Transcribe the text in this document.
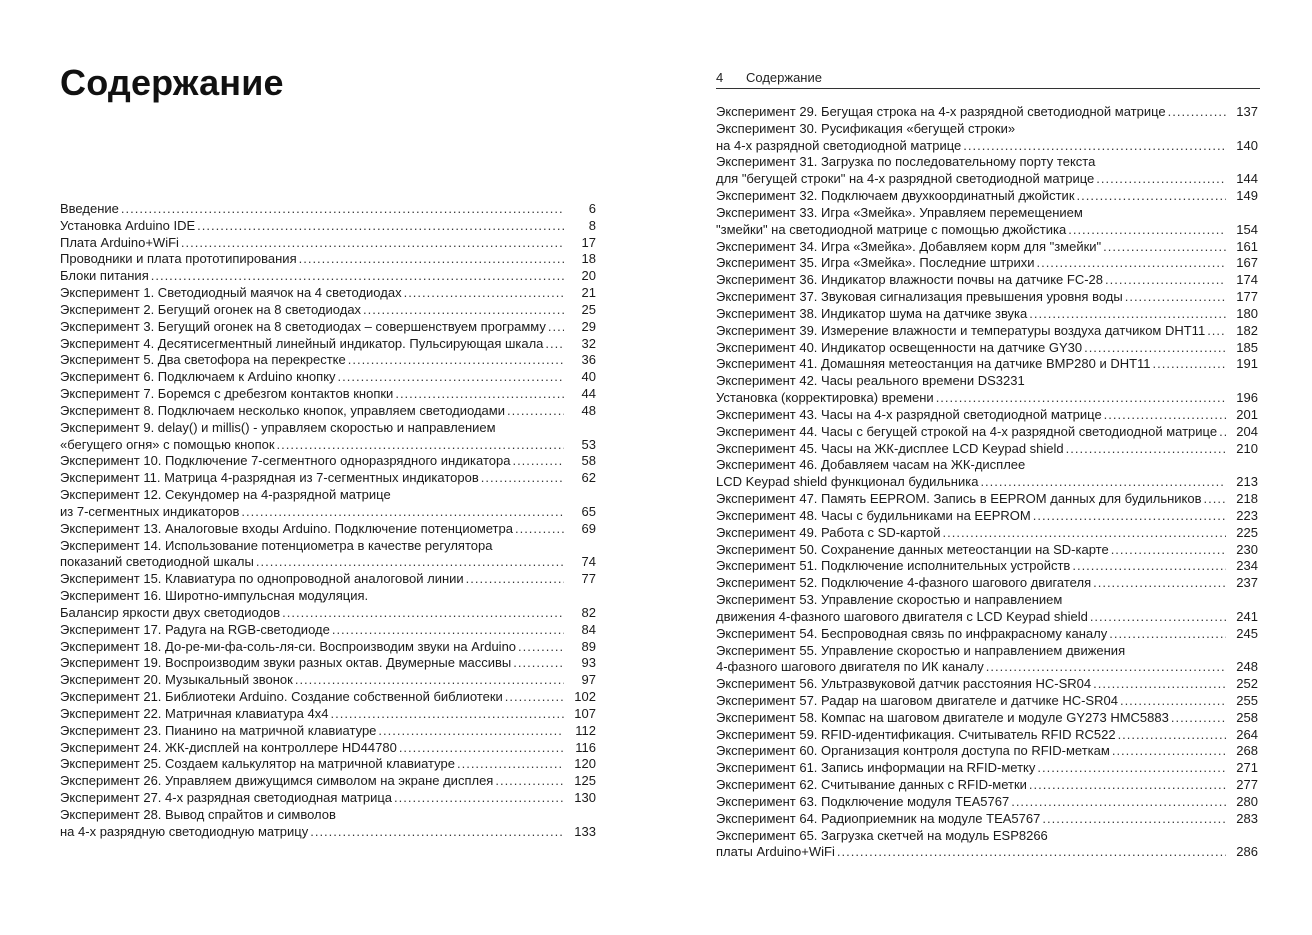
Содержание
Введение .....	6
Установка Arduino IDE .....	8
Плата Arduino+WiFi .....	17
Проводники и плата прототипирования .....	18
Блоки питания .....	20
Эксперимент 1. Светодиодный маячок на 4 светодиодах .....	21
Эксперимент 2. Бегущий огонек на 8 светодиодах .....	25
Эксперимент 3. Бегущий огонек на 8 светодиодах – совершенствуем программу .....	29
Эксперимент 4. Десятисегментный линейный индикатор. Пульсирующая шкала .....	32
Эксперимент 5. Два светофора на перекрестке .....	36
Эксперимент 6. Подключаем к Arduino кнопку .....	40
Эксперимент 7. Боремся с дребезгом контактов кнопки .....	44
Эксперимент 8. Подключаем несколько кнопок, управляем светодиодами .....	48
Эксперимент 9. delay() и millis() - управляем скоростью и направлением
«бегущего огня» с помощью кнопок .....	53
Эксперимент 10. Подключение 7-сегментного одноразрядного индикатора .....	58
Эксперимент 11. Матрица 4-разрядная из 7-сегментных индикаторов .....	62
Эксперимент 12. Секундомер на 4-разрядной матрице
из 7-сегментных индикаторов .....	65
Эксперимент 13. Аналоговые входы Arduino. Подключение потенциометра .....	69
Эксперимент 14. Использование потенциометра в качестве регулятора
показаний светодиодной шкалы .....	74
Эксперимент 15. Клавиатура по однопроводной аналоговой линии .....	77
Эксперимент 16. Широтно-импульсная модуляция.
Балансир яркости двух светодиодов .....	82
Эксперимент 17. Радуга на RGB-светодиоде .....	84
Эксперимент 18. До-ре-ми-фа-соль-ля-си. Воспроизводим звуки на Arduino .....	89
Эксперимент 19. Воспроизводим звуки разных октав. Двумерные массивы .....	93
Эксперимент 20. Музыкальный звонок .....	97
Эксперимент 21. Библиотеки Arduino. Создание собственной библиотеки .....	102
Эксперимент 22. Матричная клавиатура 4x4 .....	107
Эксперимент 23. Пианино на матричной клавиатуре .....	112
Эксперимент 24. ЖК-дисплей на контроллере HD44780 .....	116
Эксперимент 25. Создаем калькулятор на матричной клавиатуре .....	120
Эксперимент 26. Управляем движущимся символом на экране дисплея .....	125
Эксперимент 27. 4-х разрядная светодиодная матрица .....	130
Эксперимент 28. Вывод спрайтов и символов
на 4-х разрядную светодиодную матрицу .....	133
4 Содержание
Эксперимент 29. Бегущая строка на 4-х разрядной светодиодной матрице .....	137
Эксперимент 30. Русификация «бегущей строки»
на 4-х разрядной светодиодной матрице .....	140
Эксперимент 31. Загрузка по последовательному порту текста
для "бегущей строки" на 4-х разрядной светодиодной матрице .....	144
Эксперимент 32. Подключаем двухкоординатный джойстик .....	149
Эксперимент 33. Игра «Змейка». Управляем перемещением
"змейки" на светодиодной матрице с помощью джойстика .....	154
Эксперимент 34. Игра «Змейка». Добавляем корм для "змейки" .....	161
Эксперимент 35. Игра «Змейка». Последние штрихи .....	167
Эксперимент 36. Индикатор влажности почвы на датчике FC-28 .....	174
Эксперимент 37. Звуковая сигнализация превышения уровня воды .....	177
Эксперимент 38. Индикатор шума на датчике звука .....	180
Эксперимент 39. Измерение влажности и температуры воздуха датчиком DHT11 .....	182
Эксперимент 40. Индикатор освещенности на датчике GY30 .....	185
Эксперимент 41. Домашняя метеостанция на датчике BMP280 и DHT11 .....	191
Эксперимент 42. Часы реального времени DS3231
Установка (корректировка) времени .....	196
Эксперимент 43. Часы на 4-х разрядной светодиодной матрице .....	201
Эксперимент 44. Часы с бегущей строкой на 4-х разрядной светодиодной матрице .....	204
Эксперимент 45. Часы на ЖК-дисплее LCD Keypad shield .....	210
Эксперимент 46. Добавляем часам на ЖК-дисплее
LCD Keypad shield функционал будильника .....	213
Эксперимент 47. Память EEPROM. Запись в EEPROM данных для будильников .....	218
Эксперимент 48. Часы с будильниками на EEPROM .....	223
Эксперимент 49. Работа с SD-картой .....	225
Эксперимент 50. Сохранение данных метеостанции на SD-карте .....	230
Эксперимент 51. Подключение исполнительных устройств .....	234
Эксперимент 52. Подключение 4-фазного шагового двигателя .....	237
Эксперимент 53. Управление скоростью и направлением
движения 4-фазного шагового двигателя с LCD Keypad shield .....	241
Эксперимент 54. Беспроводная связь по инфракрасному каналу .....	245
Эксперимент 55. Управление скоростью и направлением движения
4-фазного шагового двигателя по ИК каналу .....	248
Эксперимент 56. Ультразвуковой датчик расстояния HC-SR04 .....	252
Эксперимент 57. Радар на шаговом двигателе и датчике HC-SR04 .....	255
Эксперимент 58. Компас на шаговом двигателе и модуле GY273 HMC5883 .....	258
Эксперимент 59. RFID-идентификация. Считыватель RFID RC522 .....	264
Эксперимент 60. Организация контроля доступа по RFID-меткам .....	268
Эксперимент 61. Запись информации на RFID-метку .....	271
Эксперимент 62. Считывание данных с RFID-метки .....	277
Эксперимент 63. Подключение модуля TEA5767 .....	280
Эксперимент 64. Радиоприемник на модуле TEA5767 .....	283
Эксперимент 65. Загрузка скетчей на модуль ESP8266
платы Arduino+WiFi .....	286
